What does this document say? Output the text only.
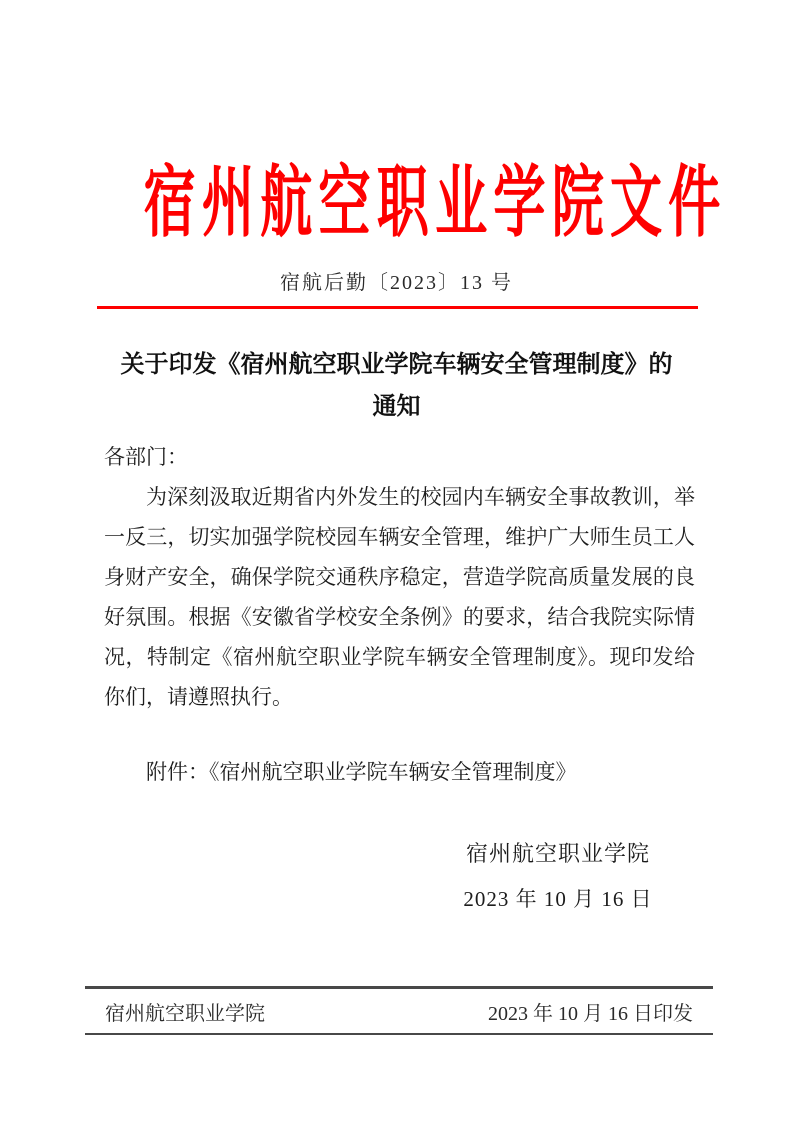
宿州航空职业学院文件
宿航后勤〔2023〕13 号
关于印发《宿州航空职业学院车辆安全管理制度》的
通知
各部门：
为深刻汲取近期省内外发生的校园内车辆安全事故教训，举一反三，切实加强学院校园车辆安全管理，维护广大师生员工人身财产安全，确保学院交通秩序稳定，营造学院高质量发展的良好氛围。根据《安徽省学校安全条例》的要求，结合我院实际情况，特制定《宿州航空职业学院车辆安全管理制度》。现印发给你们，请遵照执行。
附件：《宿州航空职业学院车辆安全管理制度》
宿州航空职业学院
2023 年 10 月 16 日
宿州航空职业学院	2023 年 10 月 16 日印发
